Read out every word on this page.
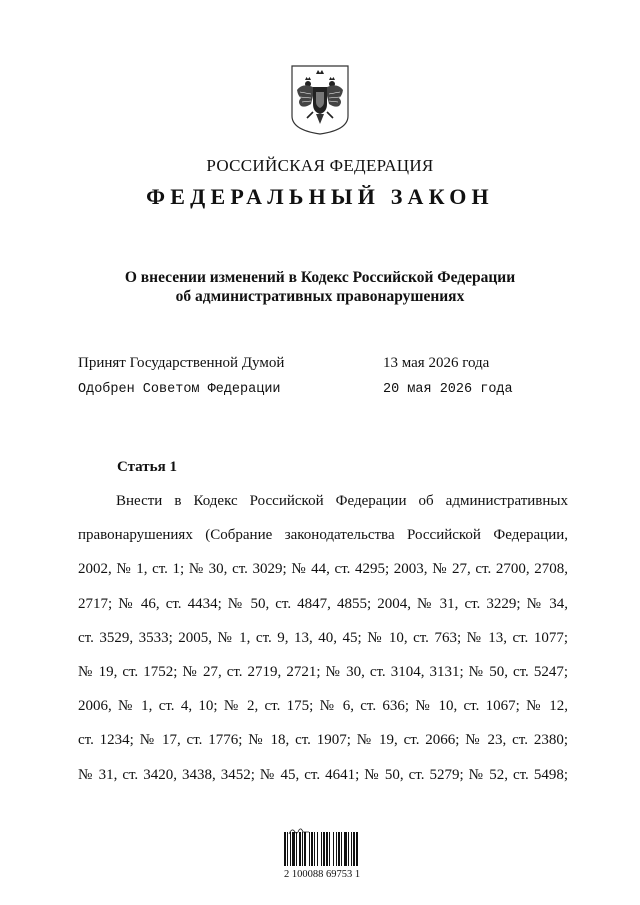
РОССИЙСКАЯ ФЕДЕРАЦИЯ
ФЕДЕРАЛЬНЫЙ ЗАКОН
О внесении изменений в Кодекс Российской Федерации
об административных правонарушениях
Принят Государственной Думой	13 мая 2026 года
Одобрен Советом Федерации	20 мая 2026 года
Статья 1
Внести в Кодекс Российской Федерации об административных
правонарушениях (Собрание законодательства Российской Федерации,
2002, № 1, ст. 1; № 30, ст. 3029; № 44, ст. 4295; 2003, № 27, ст. 2700, 2708,
2717; № 46, ст. 4434; № 50, ст. 4847, 4855; 2004, № 31, ст. 3229; № 34,
ст. 3529, 3533; 2005, № 1, ст. 9, 13, 40, 45; № 10, ст. 763; № 13, ст. 1077;
№ 19, ст. 1752; № 27, ст. 2719, 2721; № 30, ст. 3104, 3131; № 50, ст. 5247;
2006, № 1, ст. 4, 10; № 2, ст. 175; № 6, ст. 636; № 10, ст. 1067; № 12,
ст. 1234; № 17, ст. 1776; № 18, ст. 1907; № 19, ст. 2066; № 23, ст. 2380;
№ 31, ст. 3420, 3438, 3452; № 45, ст. 4641; № 50, ст. 5279; № 52, ст. 5498;
2 100088 69753 1
